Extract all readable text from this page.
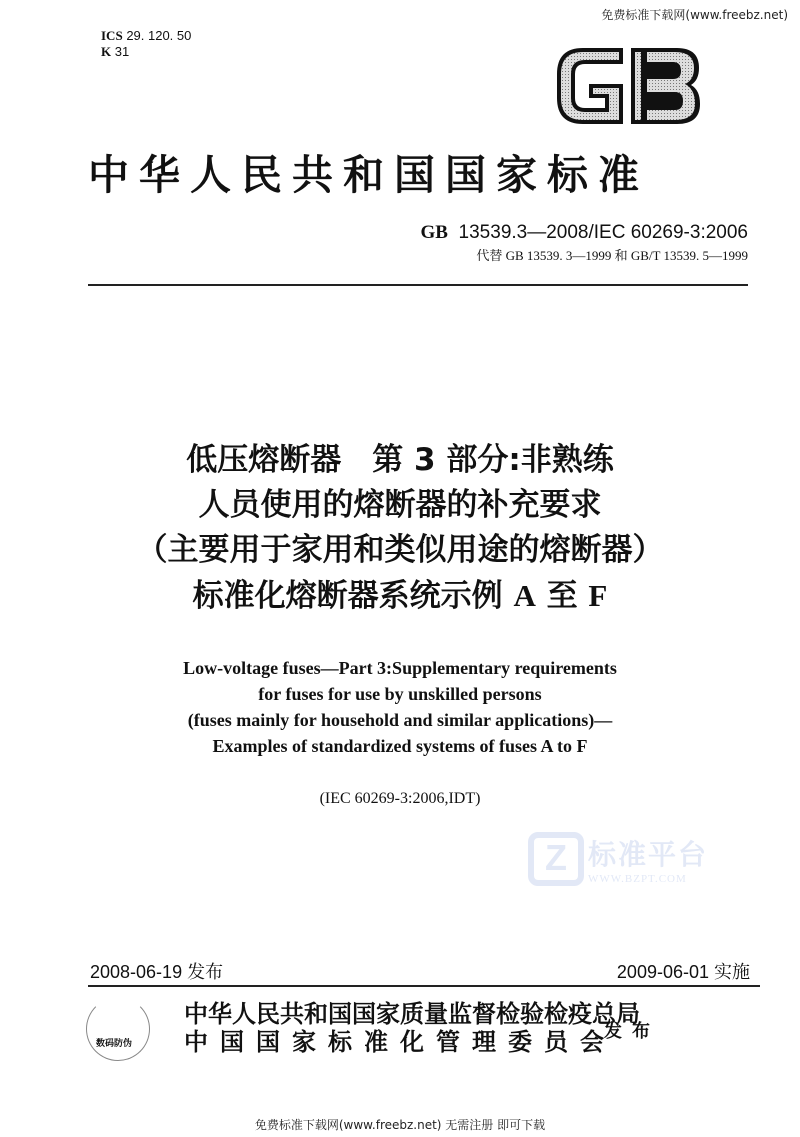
免费标准下载网(www.freebz.net)
ICS 29. 120. 50
K 31
中华人民共和国国家标准
GB 13539.3—2008/IEC 60269-3:2006
代替 GB 13539. 3—1999 和 GB/T 13539. 5—1999
低压熔断器　第 3 部分:非熟练
人员使用的熔断器的补充要求
（主要用于家用和类似用途的熔断器）
标准化熔断器系统示例 A 至 F
Low-voltage fuses—Part 3:Supplementary requirements
for fuses for use by unskilled persons
(fuses mainly for household and similar applications)—
Examples of standardized systems of fuses A to F
(IEC 60269-3:2006,IDT)
Z 标准平台
WWW.BZPT.COM
2008-06-19 发布	2009-06-01 实施
数码防伪
中华人民共和国国家质量监督检验检疫总局
中国国家标准化管理委员会
发布
免费标准下载网(www.freebz.net) 无需注册 即可下载
